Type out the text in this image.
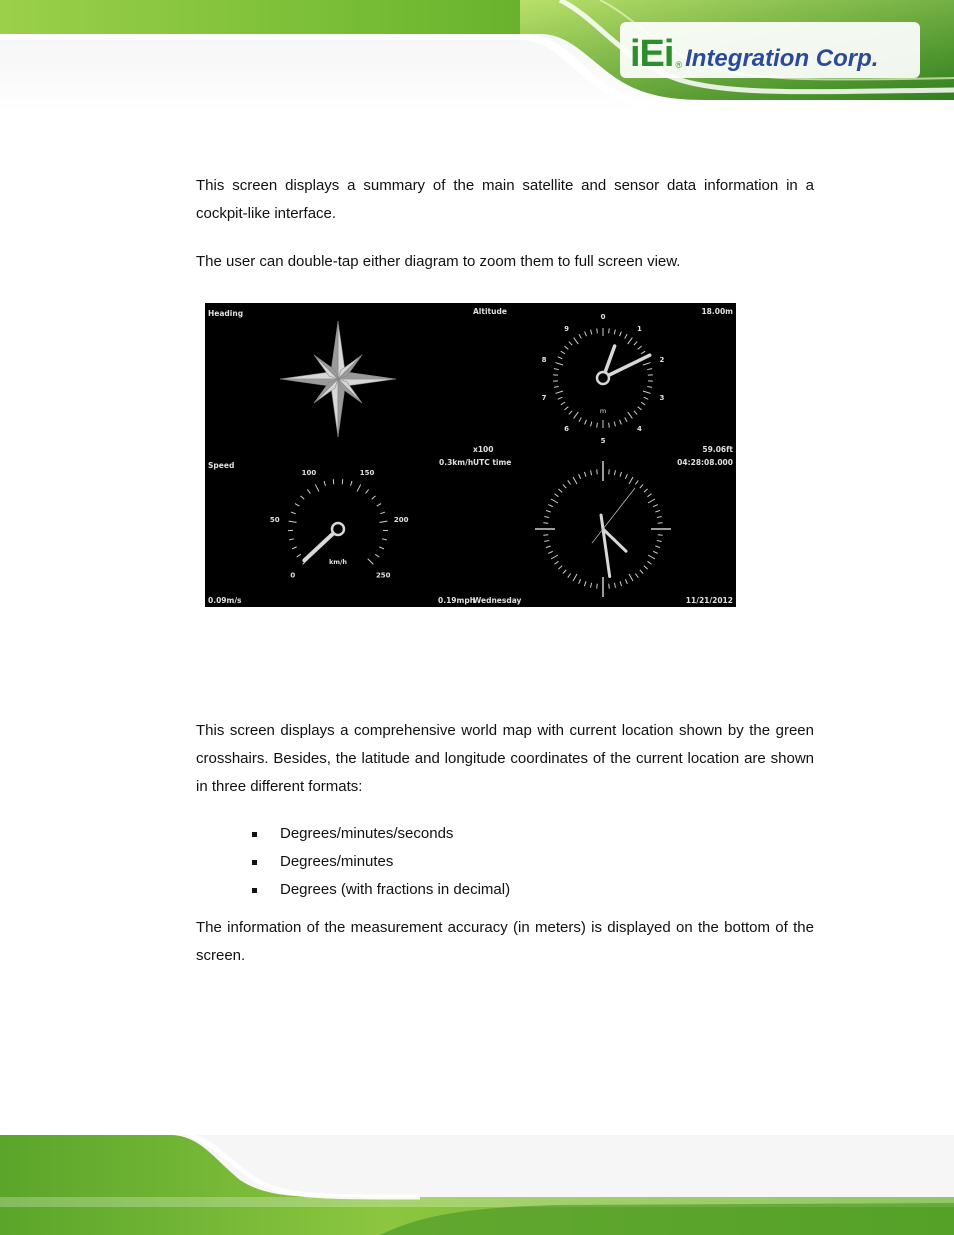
iEi ® Integration Corp.

This screen displays a summary of the main satellite and sensor data information in a cockpit-like interface.

The user can double-tap either diagram to zoom them to full screen view.

0
1
2
3
4
5
6
7
8
9
m
0
50
100	150
200
250
km/h
Heading	Altitude	18.00m
x100	59.06ft
Speed	0.3km/h UTC time	04:28:08.000
0.09m/s	0.19mph
Wednesday	11/21/2012

This screen displays a comprehensive world map with current location shown by the green crosshairs. Besides, the latitude and longitude coordinates of the current location are shown in three different formats:

Degrees/minutes/seconds
Degrees/minutes
Degrees (with fractions in decimal)

The information of the measurement accuracy (in meters) is displayed on the bottom of the screen.
